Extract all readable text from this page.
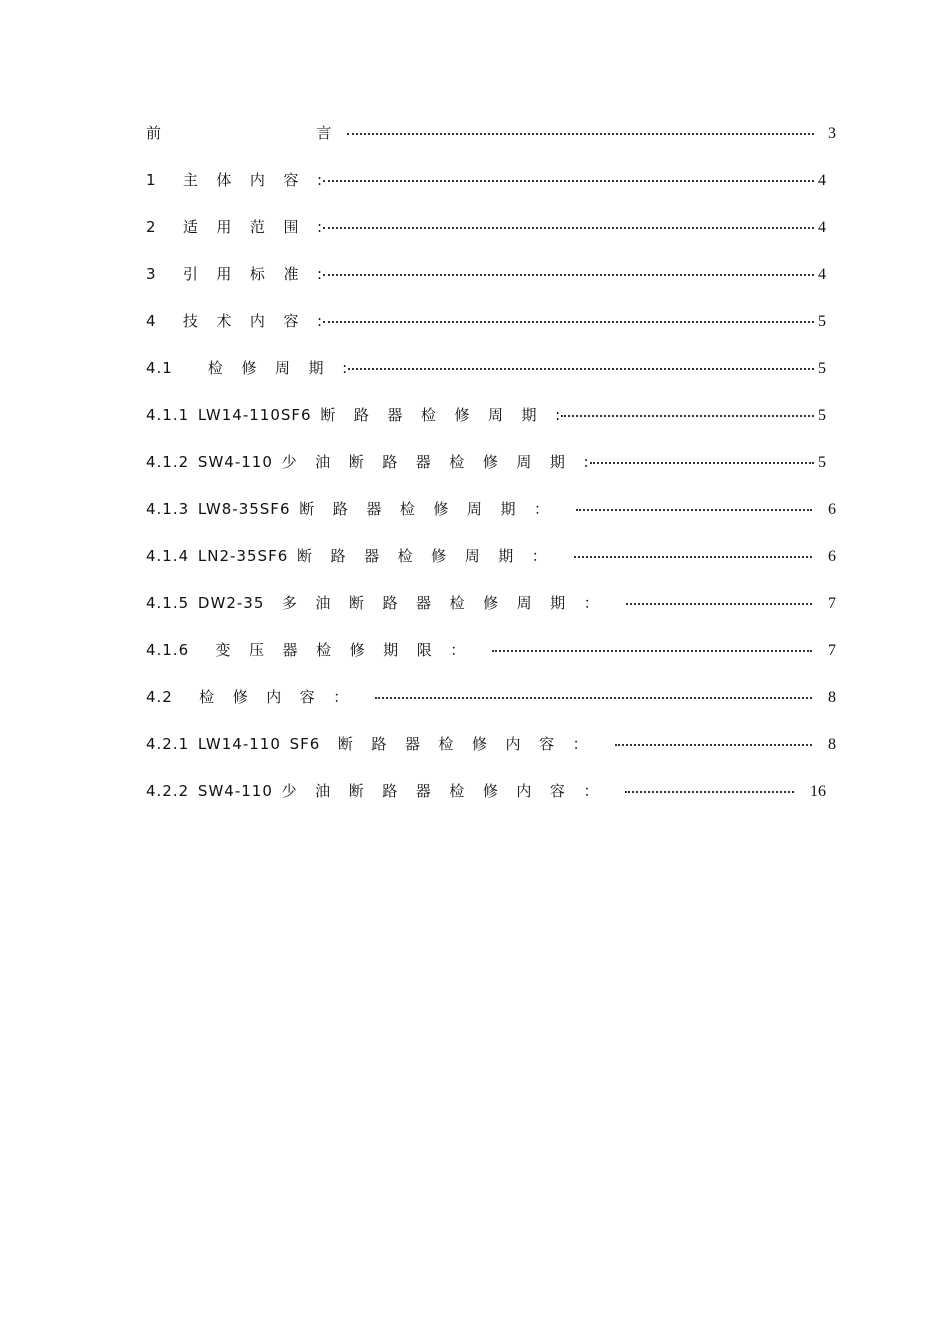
前                    言	3
1   主  体  内  容  :	4
2   适  用  范  围  :	4
3   引  用  标  准  :	4
4   技  术  内  容  :	5
4.1    检  修  周  期  :	5
4.1.1 LW14-110SF6 断  路  器  检  修  周  期  :	5
4.1.2 SW4-110 少  油  断  路  器  检  修  周  期  :	5
4.1.3 LW8-35SF6 断  路  器  检  修  周  期  ：	6
4.1.4 LN2-35SF6 断  路  器  检  修  周  期  ：	6
4.1.5 DW2-35  多  油  断  路  器  检  修  周  期  ：	7
4.1.6   变  压  器  检  修  期  限  ：	7
4.2   检  修  内  容  ：	8
4.2.1 LW14-110 SF6  断  路  器  检  修  内  容  ：	8
4.2.2 SW4-110 少  油  断  路  器  检  修  内  容  ：	16
